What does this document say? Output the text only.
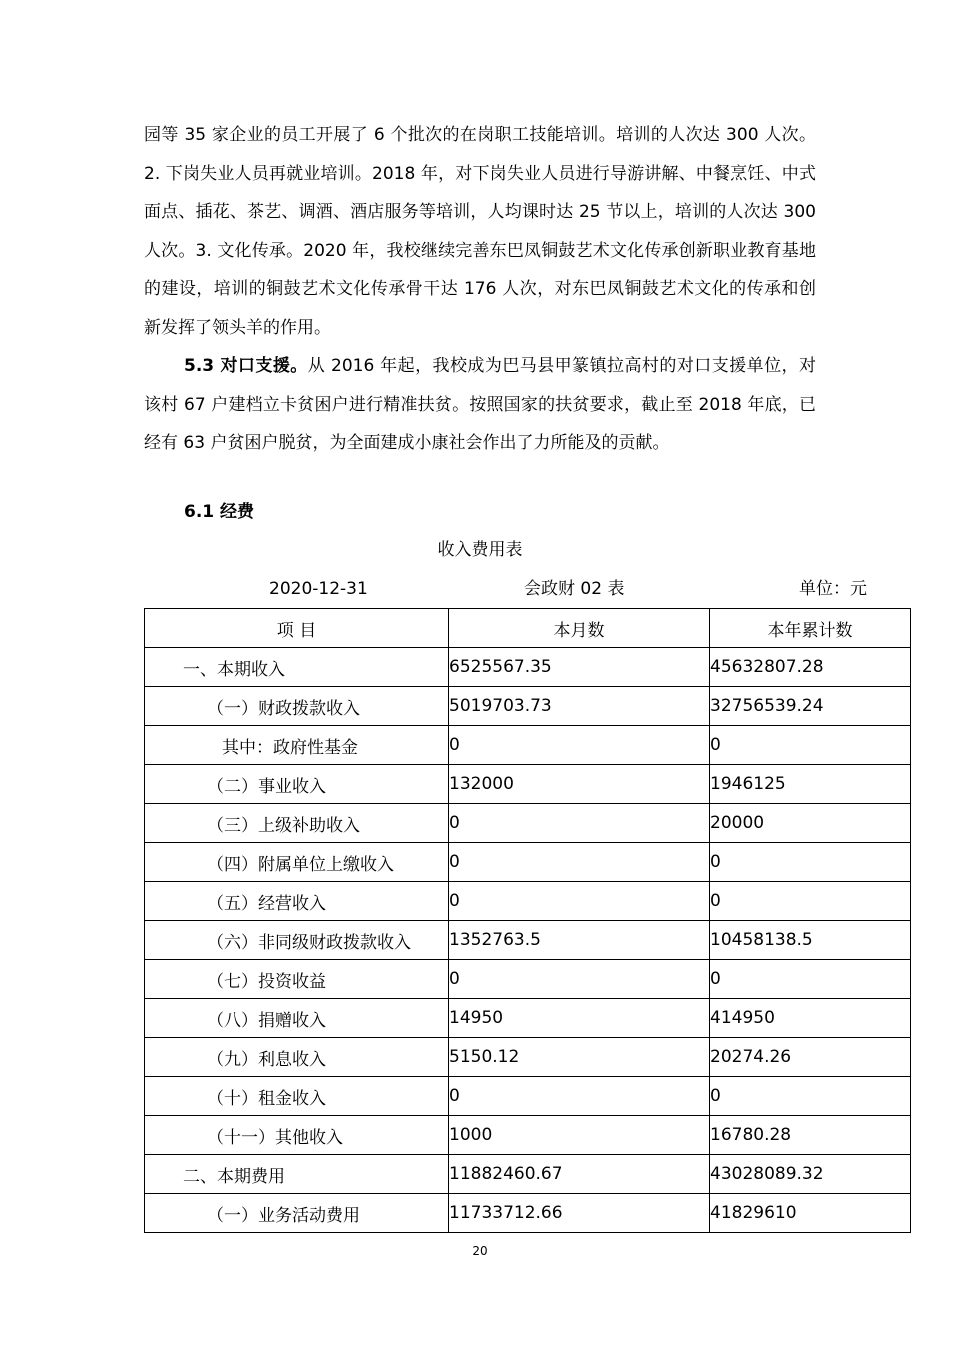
园等 35 家企业的员工开展了 6 个批次的在岗职工技能培训。培训的人次达 300 人次。2. 下岗失业人员再就业培训。2018 年，对下岗失业人员进行导游讲解、中餐烹饪、中式面点、插花、茶艺、调酒、酒店服务等培训，人均课时达 25 节以上，培训的人次达 300 人次。3. 文化传承。2020 年，我校继续完善东巴凤铜鼓艺术文化传承创新职业教育基地的建设，培训的铜鼓艺术文化传承骨干达 176 人次，对东巴凤铜鼓艺术文化的传承和创新发挥了领头羊的作用。

5.3 对口支援。从 2016 年起，我校成为巴马县甲篆镇拉高村的对口支援单位，对该村 67 户建档立卡贫困户进行精准扶贫。按照国家的扶贫要求，截止至 2018 年底，已经有 63 户贫困户脱贫，为全面建成小康社会作出了力所能及的贡献。

6.1 经费

收入费用表

2020-12-31	会政财 02 表	单位：元
项 目	本月数	本年累计数
一、本期收入	6525567.35	45632807.28
（一）财政拨款收入	5019703.73	32756539.24
其中：政府性基金	0	0
（二）事业收入	132000	1946125
（三）上级补助收入	0	20000
（四）附属单位上缴收入	0	0
（五）经营收入	0	0
（六）非同级财政拨款收入	1352763.5	10458138.5
（七）投资收益	0	0
（八）捐赠收入	14950	414950
（九）利息收入	5150.12	20274.26
（十）租金收入	0	0
（十一）其他收入	1000	16780.28
二、本期费用	11882460.67	43028089.32
（一）业务活动费用	11733712.66	41829610
20
